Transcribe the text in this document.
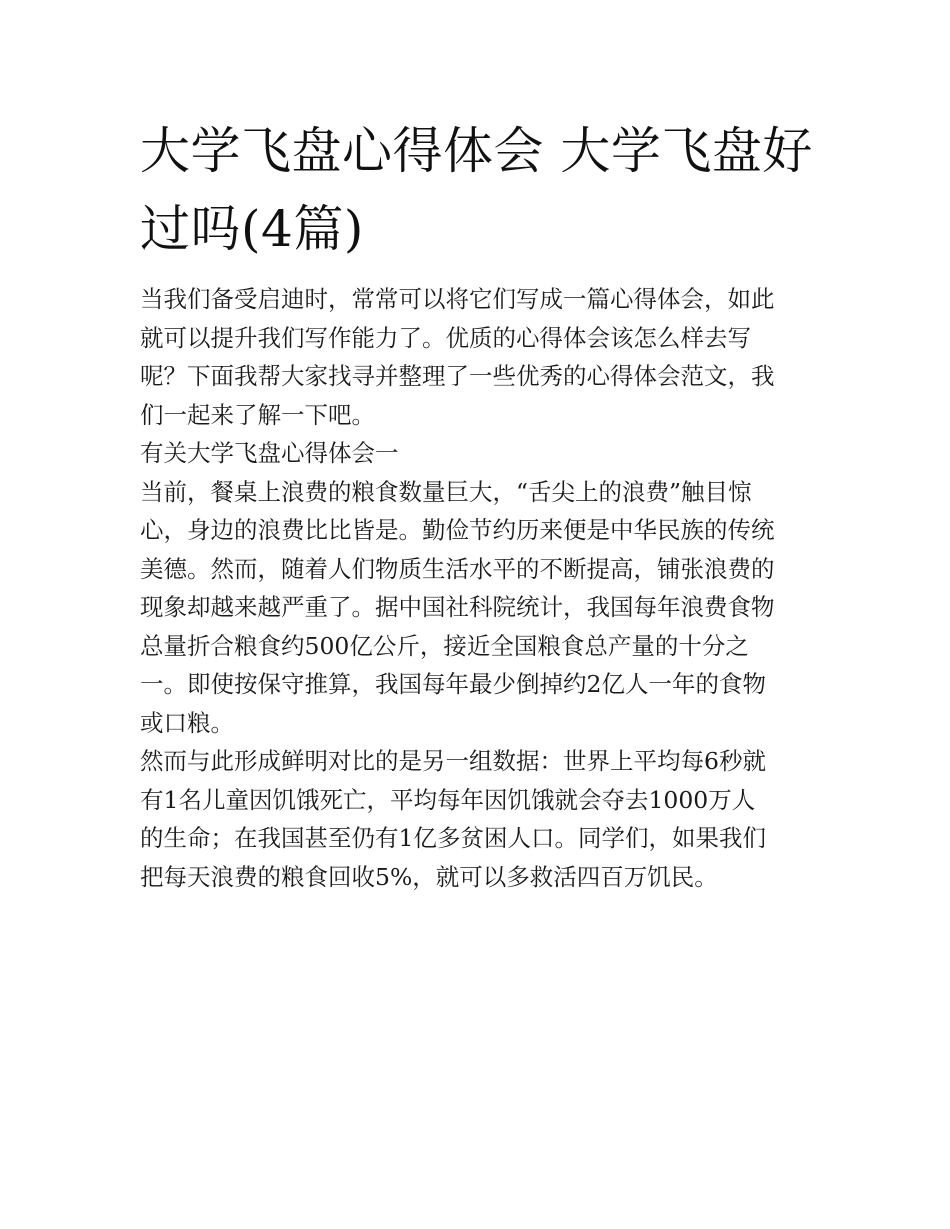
大学飞盘心得体会 大学飞盘好
过吗(4篇)

当我们备受启迪时，常常可以将它们写成一篇心得体会，如此
就可以提升我们写作能力了。优质的心得体会该怎么样去写
呢？下面我帮大家找寻并整理了一些优秀的心得体会范文，我
们一起来了解一下吧。

有关大学飞盘心得体会一

当前，餐桌上浪费的粮食数量巨大，“舌尖上的浪费”触目惊
心，身边的浪费比比皆是。勤俭节约历来便是中华民族的传统
美德。然而，随着人们物质生活水平的不断提高，铺张浪费的
现象却越来越严重了。据中国社科院统计，我国每年浪费食物
总量折合粮食约500亿公斤，接近全国粮食总产量的十分之
一。即使按保守推算，我国每年最少倒掉约2亿人一年的食物
或口粮。

然而与此形成鲜明对比的是另一组数据：世界上平均每6秒就
有1名儿童因饥饿死亡，平均每年因饥饿就会夺去1000万人
的生命；在我国甚至仍有1亿多贫困人口。同学们，如果我们
把每天浪费的粮食回收5%，就可以多救活四百万饥民。
